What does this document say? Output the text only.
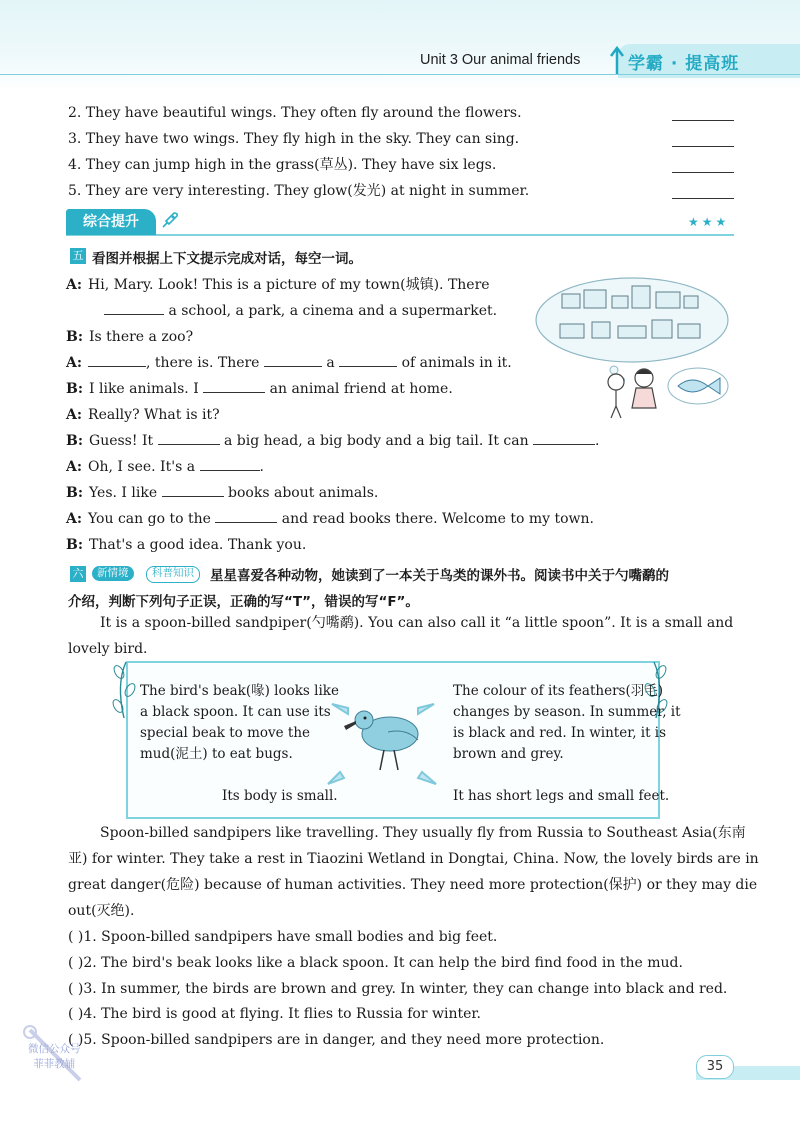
Unit 3 Our animal friends	学霸 · 提高班
2. They have beautiful wings. They often fly around the flowers.
3. They have two wings. They fly high in the sky. They can sing.
4. They can jump high in the grass(草丛). They have six legs.
5. They are very interesting. They glow(发光) at night in summer.
综合提升	★★★
五 看图并根据上下文提示完成对话，每空一词。
A: Hi, Mary. Look! This is a picture of my town(城镇). There
a school, a park, a cinema and a supermarket.
B: Is there a zoo?
A:	, there is. There	a	of animals in it.
B: I like animals. I	an animal friend at home.
A: Really? What is it?
B: Guess! It	a big head, a big body and a big tail. It can	.
A: Oh, I see. It's a	.
B: Yes. I like	books about animals.
A: You can go to the	and read books there. Welcome to my town.
B: That's a good idea. Thank you.
六	新情境	科普知识	星星喜爱各种动物，她读到了一本关于鸟类的课外书。阅读书中关于勺嘴鹬的
介绍，判断下列句子正误，正确的写“T”，错误的写“F”。
It is a spoon-billed sandpiper(勺嘴鹬). You can also call it “a little spoon”. It is a small and
lovely bird.
The bird's beak(喙) looks like
a black spoon. It can use its
special beak to move the
mud(泥土) to eat bugs.
The colour of its feathers(羽毛)
changes by season. In summer, it
is black and red. In winter, it is
brown and grey.
Its body is small.	It has short legs and small feet.
Spoon-billed sandpipers like travelling. They usually fly from Russia to Southeast Asia(东南
亚) for winter. They take a rest in Tiaozini Wetland in Dongtai, China. Now, the lovely birds are in
great danger(危险) because of human activities. They need more protection(保护) or they may die
out(灭绝).
( )1. Spoon-billed sandpipers have small bodies and big feet.
( )2. The bird's beak looks like a black spoon. It can help the bird find food in the mud.
( )3. In summer, the birds are brown and grey. In winter, they can change into black and red.
( )4. The bird is good at flying. It flies to Russia for winter.
( )5. Spoon-billed sandpipers are in danger, and they need more protection.
微信公众号
菲菲教辅	35
